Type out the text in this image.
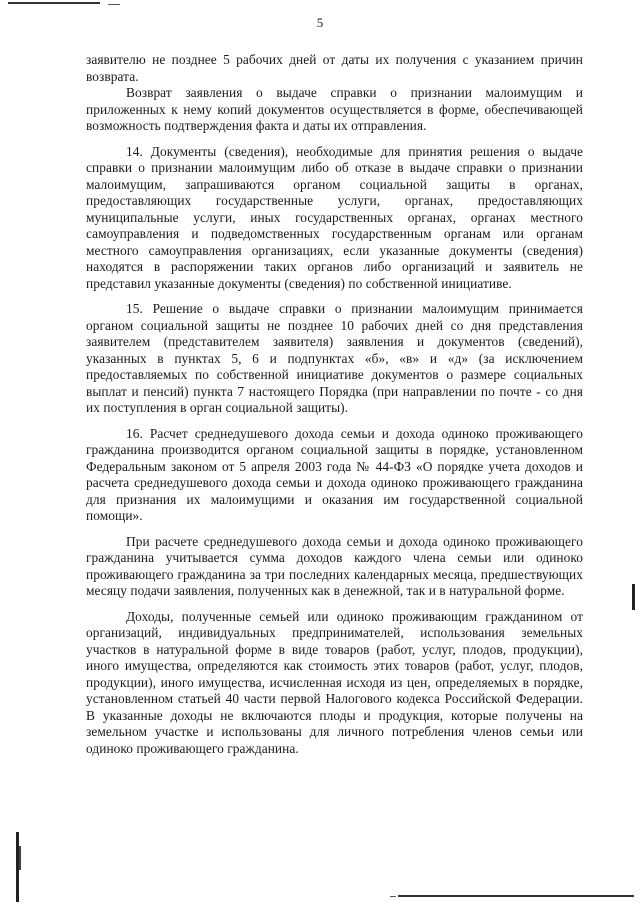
5

заявителю не позднее 5 рабочих дней от даты их получения с указанием причин возврата.

Возврат заявления о выдаче справки о признании малоимущим и приложенных к нему копий документов осуществляется в форме, обеспечивающей возможность подтверждения факта и даты их отправления.

14. Документы (сведения), необходимые для принятия решения о выдаче справки о признании малоимущим либо об отказе в выдаче справки о признании малоимущим, запрашиваются органом социальной защиты в органах, предоставляющих государственные услуги, органах, предоставляющих муниципальные услуги, иных государственных органах, органах местного самоуправления и подведомственных государственным органам или органам местного самоуправления организациях, если указанные документы (сведения) находятся в распоряжении таких органов либо организаций и заявитель не представил указанные документы (сведения) по собственной инициативе.

15. Решение о выдаче справки о признании малоимущим принимается органом социальной защиты не позднее 10 рабочих дней со дня представления заявителем (представителем заявителя) заявления и документов (сведений), указанных в пунктах 5, 6 и подпунктах «б», «в» и «д» (за исключением предоставляемых по собственной инициативе документов о размере социальных выплат и пенсий) пункта 7 настоящего Порядка (при направлении по почте - со дня их поступления в орган социальной защиты).

16. Расчет среднедушевого дохода семьи и дохода одиноко проживающего гражданина производится органом социальной защиты в порядке, установленном Федеральным законом от 5 апреля 2003 года № 44-ФЗ «О порядке учета доходов и расчета среднедушевого дохода семьи и дохода одиноко проживающего гражданина для признания их малоимущими и оказания им государственной социальной помощи».

При расчете среднедушевого дохода семьи и дохода одиноко проживающего гражданина учитывается сумма доходов каждого члена семьи или одиноко проживающего гражданина за три последних календарных месяца, предшествующих месяцу подачи заявления, полученных как в денежной, так и в натуральной форме.

Доходы, полученные семьей или одиноко проживающим гражданином от организаций, индивидуальных предпринимателей, использования земельных участков в натуральной форме в виде товаров (работ, услуг, плодов, продукции), иного имущества, определяются как стоимость этих товаров (работ, услуг, плодов, продукции), иного имущества, исчисленная исходя из цен, определяемых в порядке, установленном статьей 40 части первой Налогового кодекса Российской Федерации. В указанные доходы не включаются плоды и продукция, которые получены на земельном участке и использованы для личного потребления членов семьи или одиноко проживающего гражданина.
